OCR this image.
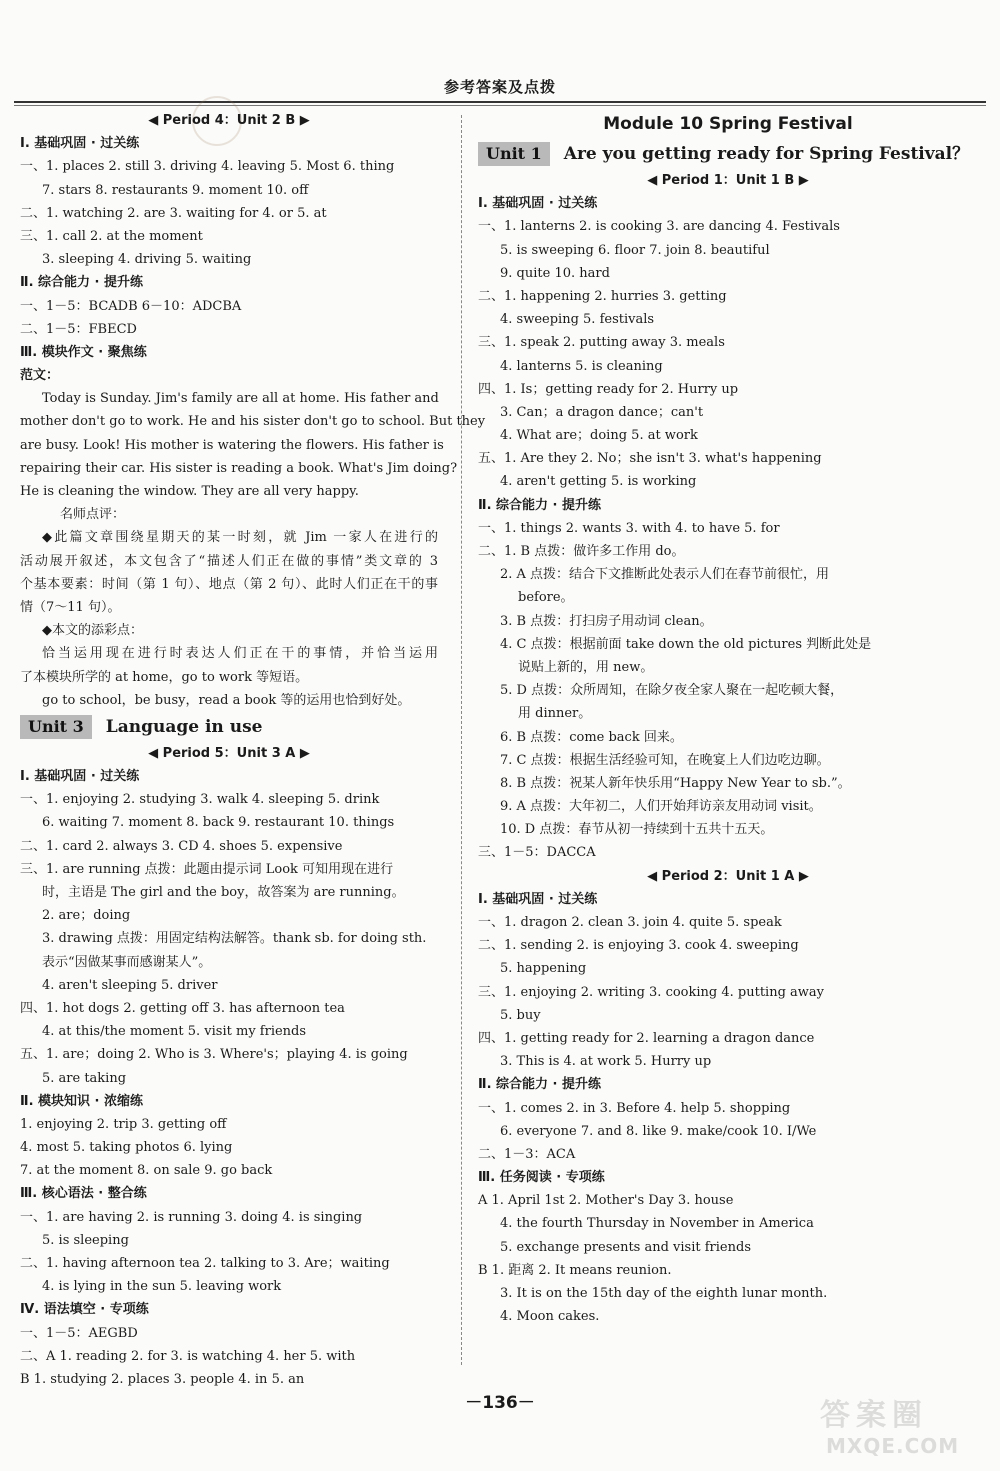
参考答案及点拨
◀ Period 4：Unit 2 B ▶
Ⅰ. 基础巩固 · 过关练
一、1. places 2. still 3. driving 4. leaving 5. Most 6. thing
7. stars 8. restaurants 9. moment 10. off
二、1. watching 2. are 3. waiting for 4. or 5. at
三、1. call 2. at the moment
3. sleeping 4. driving 5. waiting
Ⅱ. 综合能力 · 提升练
一、1－5：BCADB 6－10：ADCBA
二、1－5：FBECD
Ⅲ. 模块作文 · 聚焦练
范文：
Today is Sunday. Jim's family are all at home. His father and
mother don't go to work. He and his sister don't go to school. But they
are busy. Look! His mother is watering the flowers. His father is
repairing their car. His sister is reading a book. What's Jim doing?
He is cleaning the window. They are all very happy.
名师点评：
◆此篇文章围绕星期天的某一时刻，就 Jim 一家人在进行的
活动展开叙述，本文包含了“描述人们正在做的事情”类文章的 3
个基本要素：时间（第 1 句）、地点（第 2 句）、此时人们正在干的事
情（7～11 句）。
◆本文的添彩点：
恰当运用现在进行时表达人们正在干的事情，并恰当运用
了本模块所学的 at home，go to work 等短语。
go to school，be busy，read a book 等的运用也恰到好处。
Unit 3	Language in use
◀ Period 5：Unit 3 A ▶
Ⅰ. 基础巩固 · 过关练
一、1. enjoying 2. studying 3. walk 4. sleeping 5. drink
6. waiting 7. moment 8. back 9. restaurant 10. things
二、1. card 2. always 3. CD 4. shoes 5. expensive
三、1. are running 点拨：此题由提示词 Look 可知用现在进行
时，主语是 The girl and the boy，故答案为 are running。
2. are；doing
3. drawing 点拨：用固定结构法解答。thank sb. for doing sth.
表示“因做某事而感谢某人”。
4. aren't sleeping 5. driver
四、1. hot dogs 2. getting off 3. has afternoon tea
4. at this/the moment 5. visit my friends
五、1. are；doing 2. Who is 3. Where's；playing 4. is going
5. are taking
Ⅱ. 模块知识 · 浓缩练
1. enjoying 2. trip 3. getting off
4. most 5. taking photos 6. lying
7. at the moment 8. on sale 9. go back
Ⅲ. 核心语法 · 整合练
一、1. are having 2. is running 3. doing 4. is singing
5. is sleeping
二、1. having afternoon tea 2. talking to 3. Are；waiting
4. is lying in the sun 5. leaving work
Ⅳ. 语法填空 · 专项练
一、1－5：AEGBD
二、A 1. reading 2. for 3. is watching 4. her 5. with
B 1. studying 2. places 3. people 4. in 5. an
Module 10 Spring Festival
Unit 1	Are you getting ready for Spring Festival？
◀ Period 1：Unit 1 B ▶
Ⅰ. 基础巩固 · 过关练
一、1. lanterns 2. is cooking 3. are dancing 4. Festivals
5. is sweeping 6. floor 7. join 8. beautiful
9. quite 10. hard
二、1. happening 2. hurries 3. getting
4. sweeping 5. festivals
三、1. speak 2. putting away 3. meals
4. lanterns 5. is cleaning
四、1. Is；getting ready for 2. Hurry up
3. Can；a dragon dance；can't
4. What are；doing 5. at work
五、1. Are they 2. No；she isn't 3. what's happening
4. aren't getting 5. is working
Ⅱ. 综合能力 · 提升练
一、1. things 2. wants 3. with 4. to have 5. for
二、1. B 点拨：做许多工作用 do。
2. A 点拨：结合下文推断此处表示人们在春节前很忙，用
before。
3. B 点拨：打扫房子用动词 clean。
4. C 点拨：根据前面 take down the old pictures 判断此处是
说贴上新的，用 new。
5. D 点拨：众所周知，在除夕夜全家人聚在一起吃顿大餐，
用 dinner。
6. B 点拨：come back 回来。
7. C 点拨：根据生活经验可知，在晚宴上人们边吃边聊。
8. B 点拨：祝某人新年快乐用“Happy New Year to sb.”。
9. A 点拨：大年初二，人们开始拜访亲友用动词 visit。
10. D 点拨：春节从初一持续到十五共十五天。
三、1－5：DACCA
◀ Period 2：Unit 1 A ▶
Ⅰ. 基础巩固 · 过关练
一、1. dragon 2. clean 3. join 4. quite 5. speak
二、1. sending 2. is enjoying 3. cook 4. sweeping
5. happening
三、1. enjoying 2. writing 3. cooking 4. putting away
5. buy
四、1. getting ready for 2. learning a dragon dance
3. This is 4. at work 5. Hurry up
Ⅱ. 综合能力 · 提升练
一、1. comes 2. in 3. Before 4. help 5. shopping
6. everyone 7. and 8. like 9. make/cook 10. I/We
二、1－3：ACA
Ⅲ. 任务阅读 · 专项练
A 1. April 1st 2. Mother's Day 3. house
4. the fourth Thursday in November in America
5. exchange presents and visit friends
B 1. 距离 2. It means reunion.
3. It is on the 15th day of the eighth lunar month.
4. Moon cakes.
－136－	答案圈
MXQE.COM
